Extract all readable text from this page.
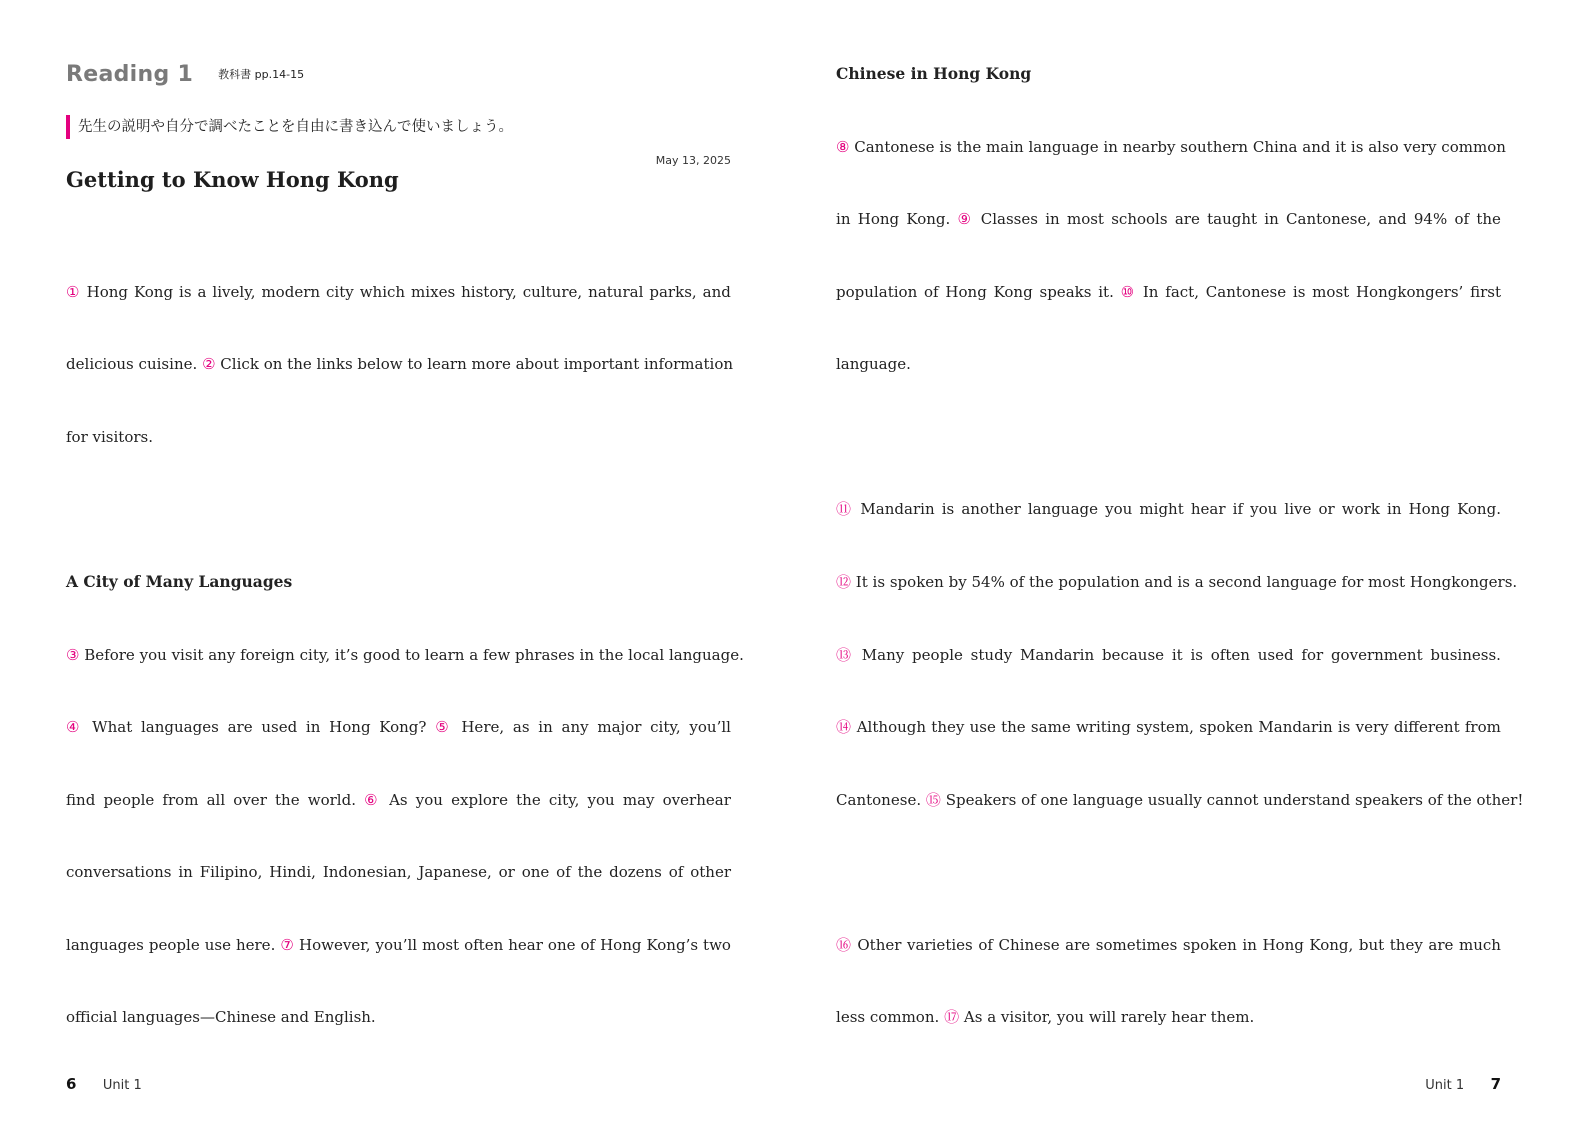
Reading 1 教科書 pp.14-15
先生の説明や自分で調べたことを自由に書き込んで使いましょう。
May 13, 2025
Getting to Know Hong Kong
① Hong Kong is a lively, modern city which mixes history, culture, natural parks, and
delicious cuisine. ② Click on the links below to learn more about important information
for visitors.
A City of Many Languages
③ Before you visit any foreign city, it’s good to learn a few phrases in the local language.
④ What languages are used in Hong Kong? ⑤ Here, as in any major city, you’ll
fnd people from all over the world. ⑥ As you explore the city, you may overhear
conversations in Filipino, Hindi, Indonesian, Japanese, or one of the dozens of other
languages people use here. ⑦ However, you’ll most often hear one of Hong Kong’s two
official languages—Chinese and English.
6 Unit 1
Chinese in Hong Kong
⑧ Cantonese is the main language in nearby southern China and it is also very common
in Hong Kong. ⑨ Classes in most schools are taught in Cantonese, and 94% of the
population of Hong Kong speaks it. ⑩ In fact, Cantonese is most Hongkongers’ frst
language.
⑪ Mandarin is another language you might hear if you live or work in Hong Kong.
⑫ It is spoken by 54% of the population and is a second language for most Hongkongers.
⑬ Many people study Mandarin because it is often used for government business.
⑭ Although they use the same writing system, spoken Mandarin is very diferent from
Cantonese. ⑮ Speakers of one language usually cannot understand speakers of the other!
⑯ Other varieties of Chinese are sometimes spoken in Hong Kong, but they are much
less common. ⑰ As a visitor, you will rarely hear them.
Unit 1 7
